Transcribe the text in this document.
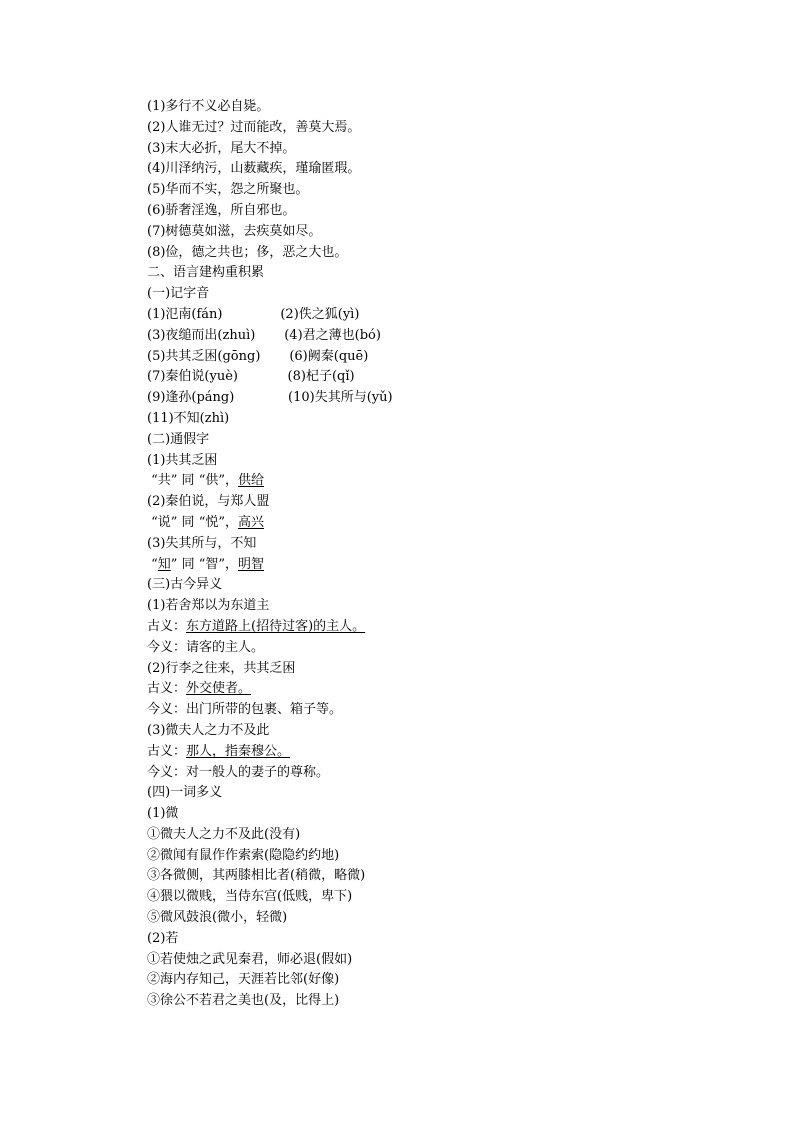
(1)多行不义必自毙。
(2)人谁无过？过而能改，善莫大焉。
(3)末大必折，尾大不掉。
(4)川泽纳污，山薮藏疾，瑾瑜匿瑕。
(5)华而不实，怨之所聚也。
(6)骄奢淫逸，所自邪也。
(7)树德莫如滋，去疾莫如尽。
(8)俭，德之共也；侈，恶之大也。
二、语言建构重积累
(一)记字音
(1)氾南(fán)              (2)佚之狐(yì)
(3)夜缒而出(zhuì)       (4)君之薄也(bó)
(5)共其乏困(gōng)       (6)阙秦(quē)
(7)秦伯说(yuè)            (8)杞子(qǐ)
(9)逢孙(páng)             (10)失其所与(yǔ)
(11)不知(zhì)
(二)通假字
(1)共其乏困
“共” 同 “供”，供给
(2)秦伯说，与郑人盟
“说” 同 “悦”，高兴
(3)失其所与，不知
“知” 同 “智”，明智
(三)古今异义
(1)若舍郑以为东道主
古义：东方道路上(招待过客)的主人。
今义：请客的主人。
(2)行李之往来，共其乏困
古义：外交使者。
今义：出门所带的包裹、箱子等。
(3)微夫人之力不及此
古义：那人，指秦穆公。
今义：对一般人的妻子的尊称。
(四)一词多义
(1)微
①微夫人之力不及此(没有)
②微闻有鼠作作索索(隐隐约约地)
③各微侧，其两膝相比者(稍微，略微)
④猥以微贱，当侍东宫(低贱，卑下)
⑤微风鼓浪(微小，轻微)
(2)若
①若使烛之武见秦君，师必退(假如)
②海内存知己，天涯若比邻(好像)
③徐公不若君之美也(及，比得上)
